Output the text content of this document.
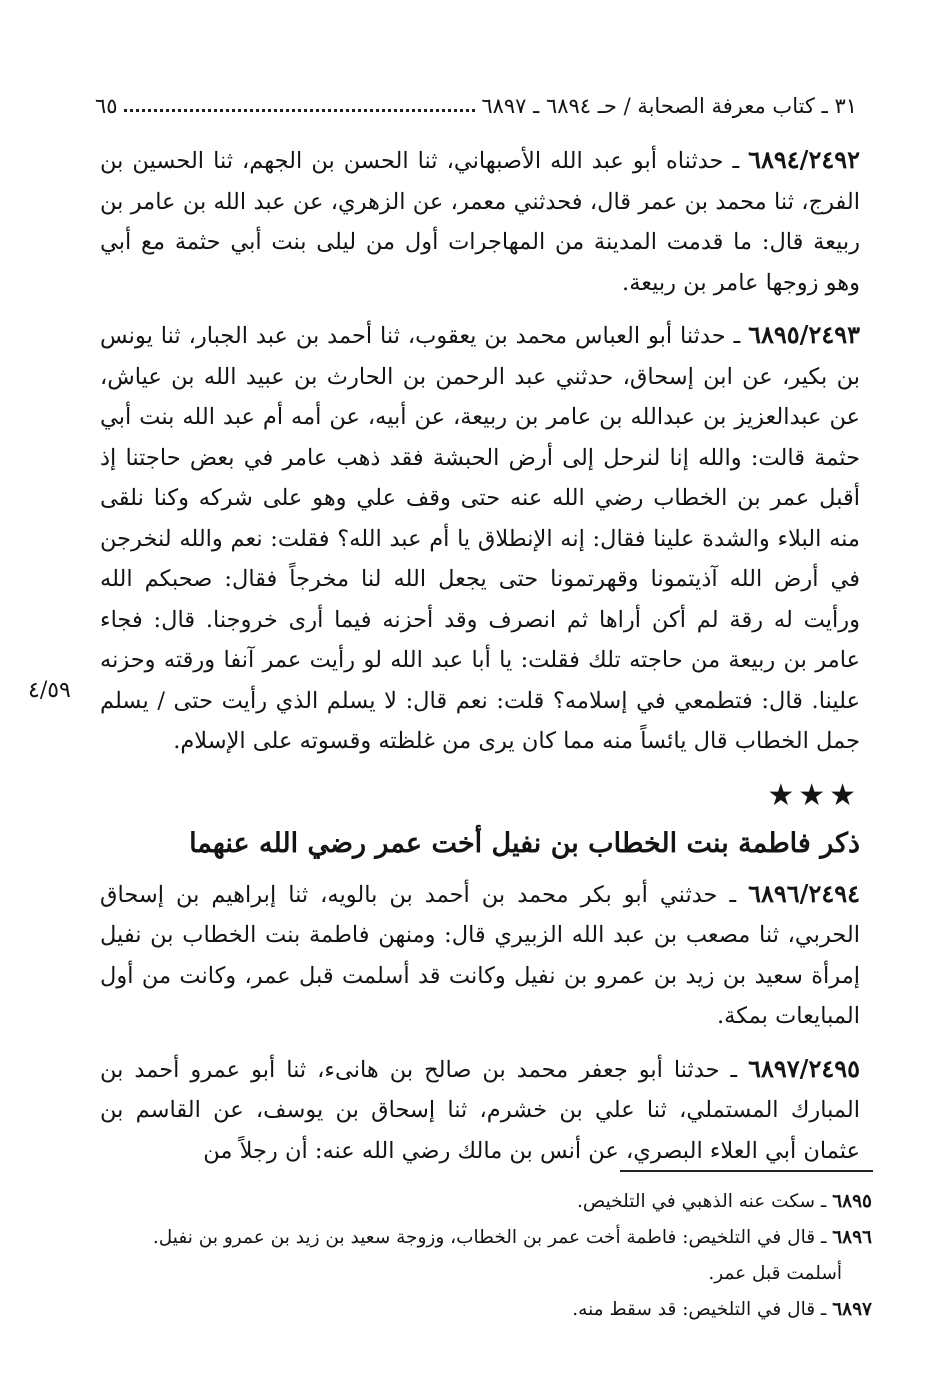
٣١ ـ كتاب معرفة الصحابة / حـ ٦٨٩٤ ـ ٦٨٩٧
٦٥

٦٨٩٤/٢٤٩٢ ـ حدثناه أبو عبد الله الأصبهاني، ثنا الحسن بن الجهم، ثنا الحسين بن الفرج، ثنا محمد بن عمر قال، فحدثني معمر، عن الزهري، عن عبد الله بن عامر بن ربيعة قال: ما قدمت المدينة من المهاجرات أول من ليلى بنت أبي حثمة مع أبي وهو زوجها عامر بن ربيعة.

٦٨٩٥/٢٤٩٣ ـ حدثنا أبو العباس محمد بن يعقوب، ثنا أحمد بن عبد الجبار، ثنا يونس بن بكير، عن ابن إسحاق، حدثني عبد الرحمن بن الحارث بن عبيد الله بن عياش، عن عبدالعزيز بن عبدالله بن عامر بن ربيعة، عن أبيه، عن أمه أم عبد الله بنت أبي حثمة قالت: والله إنا لنرحل إلى أرض الحبشة فقد ذهب عامر في بعض حاجتنا إذ أقبل عمر بن الخطاب رضي الله عنه حتى وقف علي وهو على شركه وكنا نلقى منه البلاء والشدة علينا فقال: إنه الإنطلاق يا أم عبد الله؟ فقلت: نعم والله لنخرجن في أرض الله آذيتمونا وقهرتمونا حتى يجعل الله لنا مخرجاً فقال: صحبكم الله ورأيت له رقة لم أكن أراها ثم انصرف وقد أحزنه فيما أرى خروجنا. قال: فجاء عامر بن ربيعة من حاجته تلك فقلت: يا أبا عبد الله لو رأيت عمر آنفا ورقته وحزنه علينا. قال: فتطمعي في إسلامه؟ قلت: نعم قال: لا يسلم الذي رأيت حتى / يسلم جمل الخطاب قال يائساً منه مما كان يرى من غلظته وقسوته على الإسلام.

★★★
ذكر فاطمة بنت الخطاب بن نفيل أخت عمر رضي الله عنهما

٦٨٩٦/٢٤٩٤ ـ حدثني أبو بكر محمد بن أحمد بن بالويه، ثنا إبراهيم بن إسحاق الحربي، ثنا مصعب بن عبد الله الزبيري قال: ومنهن فاطمة بنت الخطاب بن نفيل إمرأة سعيد بن زيد بن عمرو بن نفيل وكانت قد أسلمت قبل عمر، وكانت من أول المبايعات بمكة.

٦٨٩٧/٢٤٩٥ ـ حدثنا أبو جعفر محمد بن صالح بن هانىء، ثنا أبو عمرو أحمد بن المبارك المستملي، ثنا علي بن خشرم، ثنا إسحاق بن يوسف، عن القاسم بن عثمان أبي العلاء البصري، عن أنس بن مالك رضي الله عنه: أن رجلاً من

٤/٥٩

٦٨٩٥ ـ سكت عنه الذهبي في التلخيص.

٦٨٩٦ ـ قال في التلخيص: فاطمة أخت عمر بن الخطاب، وزوجة سعيد بن زيد بن عمرو بن نفيل.

أسلمت قبل عمر.

٦٨٩٧ ـ قال في التلخيص: قد سقط منه.
